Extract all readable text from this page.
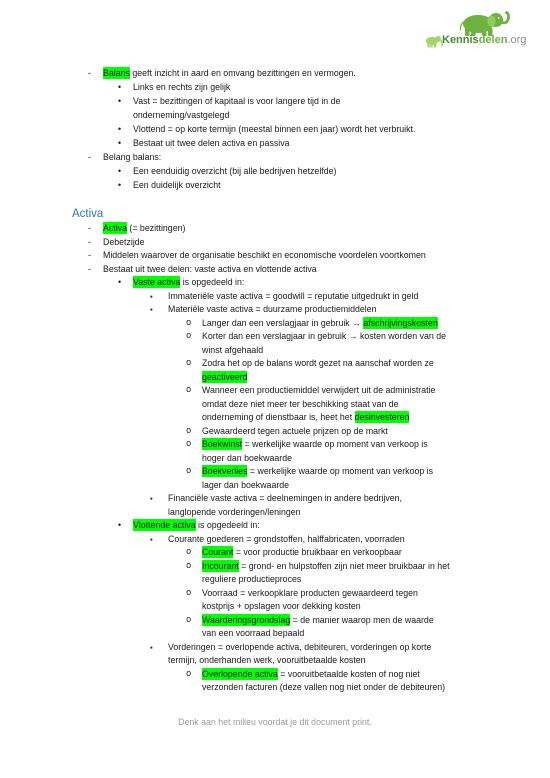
Kennisdelen.org
- Balans geeft inzicht in aard en omvang bezittingen en vermogen.
• Links en rechts zijn gelijk
• Vast = bezittingen of kapitaal is voor langere tijd in de
onderneming/vastgelegd
• Vlottend = op korte termijn (meestal binnen een jaar) wordt het verbruikt.
• Bestaat uit twee delen activa en passiva
- Belang balans:
• Een eenduidig overzicht (bij alle bedrijven hetzelfde)
• Een duidelijk overzicht
Activa
- Activa (= bezittingen)
- Debetzijde
- Middelen waarover de organisatie beschikt en economische voordelen voortkomen
- Bestaat uit twee delen: vaste activa en vlottende activa
• Vaste activa is opgedeeld in:
▪ Immateriële vaste activa = goodwill = reputatie uitgedrukt in geld
▪ Materiële vaste activa = duurzame productiemiddelen
o Langer dan een verslagjaar in gebruik → afschrijvingskosten
o Korter dan een verslagjaar in gebruik → kosten worden van de
winst afgehaald
o Zodra het op de balans wordt gezet na aanschaf worden ze
geactiveerd
o Wanneer een productiemiddel verwijdert uit de administratie
omdat deze niet meer ter beschikking staat van de
onderneming of dienstbaar is, heet het desinvesteren
o Gewaardeerd tegen actuele prijzen op de markt
o Boekwinst = werkelijke waarde op moment van verkoop is
hoger dan boekwaarde
o Boekverlies = werkelijke waarde op moment van verkoop is
lager dan boekwaarde
▪ Financiële vaste activa = deelnemingen in andere bedrijven,
langlopende vorderingen/leningen
• Vlottende activa is opgedeeld in:
▪ Courante goederen = grondstoffen, halffabricaten, voorraden
o Courant = voor productie bruikbaar en verkoopbaar
o Incourant = grond- en hulpstoffen zijn niet meer bruikbaar in het
reguliere productieproces
o Voorraad = verkoopklare producten gewaardeerd tegen
kostprijs + opslagen voor dekking kosten
o Waarderingsgrondslag = de manier waarop men de waarde
van een voorraad bepaald
▪ Vorderingen = overlopende activa, debiteuren, vorderingen op korte
termijn, onderhanden werk, vooruitbetaalde kosten
o Overlopende activa = vooruitbetaalde kosten of nog niet
verzonden facturen (deze vallen nog niet onder de debiteuren)
Denk aan het milieu voordat je dit document print.
